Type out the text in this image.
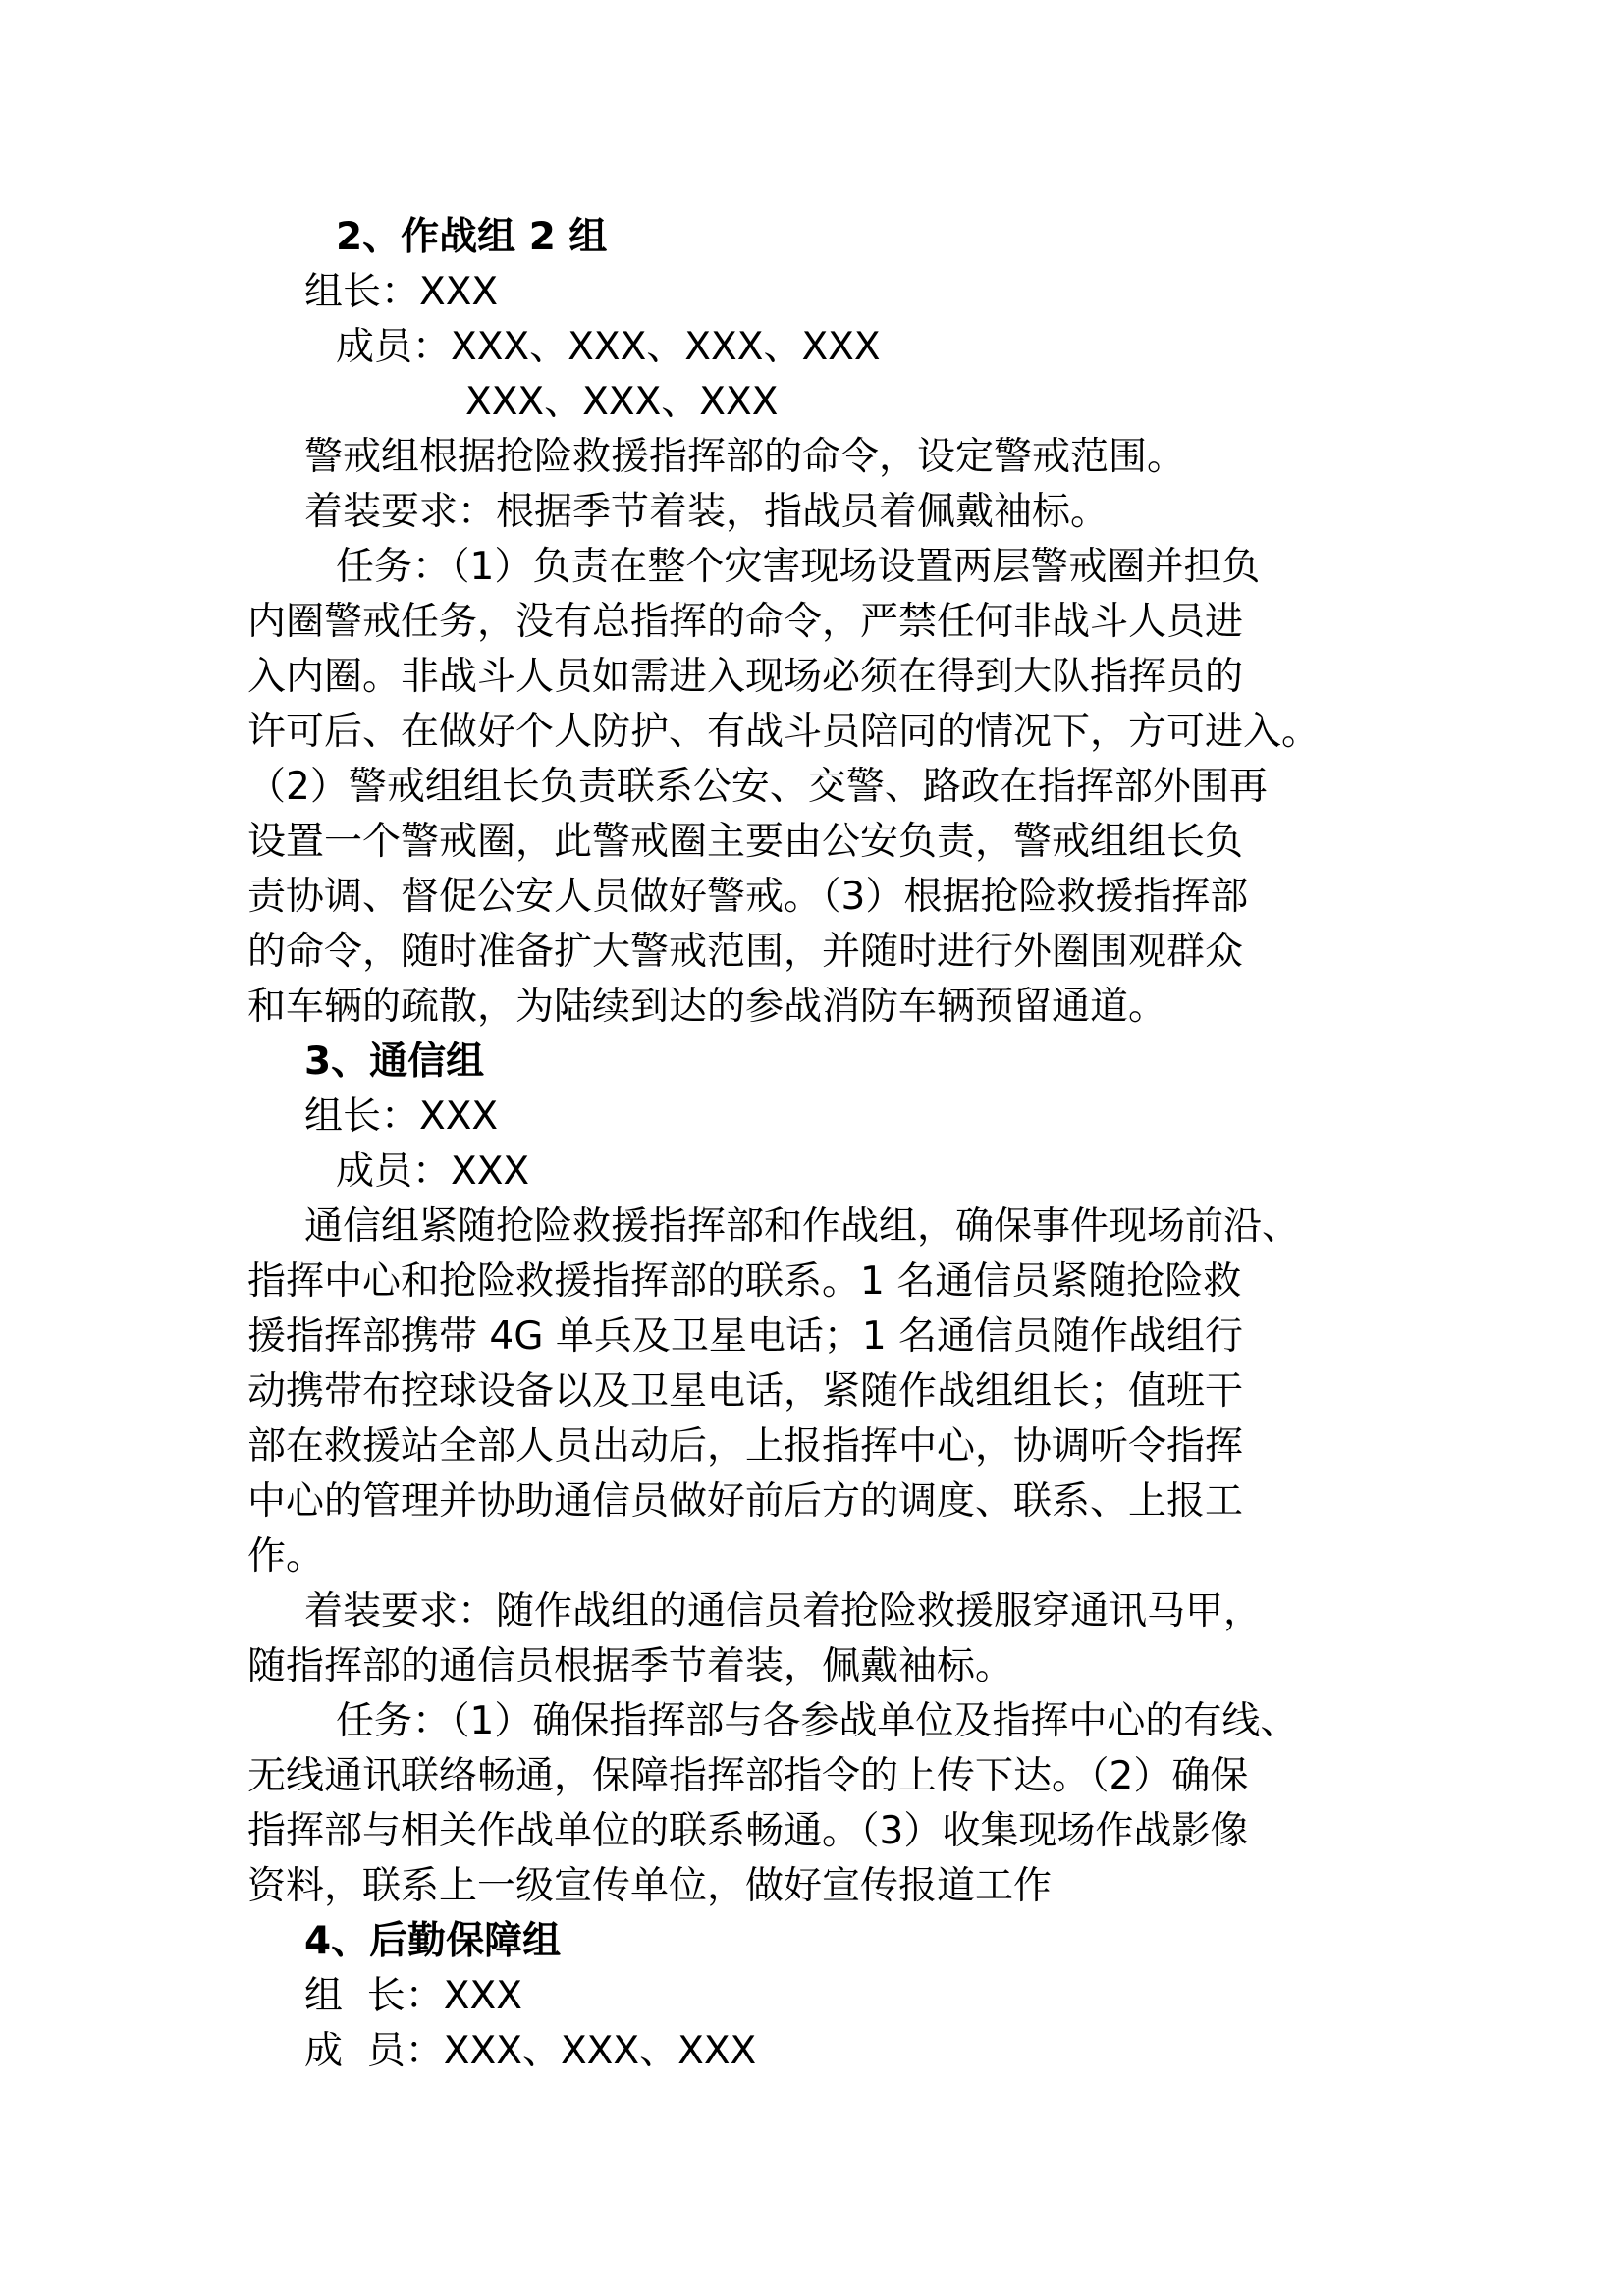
2、作战组 2 组
组长：XXX
成员：XXX、XXX、XXX、XXX
XXX、XXX、XXX
警戒组根据抢险救援指挥部的命令，设定警戒范围。
着装要求：根据季节着装，指战员着佩戴袖标。
任务：（1）负责在整个灾害现场设置两层警戒圈并担负
内圈警戒任务，没有总指挥的命令，严禁任何非战斗人员进
入内圈。非战斗人员如需进入现场必须在得到大队指挥员的
许可后、在做好个人防护、有战斗员陪同的情况下，方可进入。
（2）警戒组组长负责联系公安、交警、路政在指挥部外围再
设置一个警戒圈，此警戒圈主要由公安负责，警戒组组长负
责协调、督促公安人员做好警戒。（3）根据抢险救援指挥部
的命令，随时准备扩大警戒范围，并随时进行外圈围观群众
和车辆的疏散，为陆续到达的参战消防车辆预留通道。
3、通信组
组长：XXX
成员：XXX
通信组紧随抢险救援指挥部和作战组，确保事件现场前沿、
指挥中心和抢险救援指挥部的联系。1 名通信员紧随抢险救
援指挥部携带 4G 单兵及卫星电话；1 名通信员随作战组行
动携带布控球设备以及卫星电话，紧随作战组组长；值班干
部在救援站全部人员出动后，上报指挥中心，协调听令指挥
中心的管理并协助通信员做好前后方的调度、联系、上报工
作。
着装要求：随作战组的通信员着抢险救援服穿通讯马甲，
随指挥部的通信员根据季节着装，佩戴袖标。
任务：（1）确保指挥部与各参战单位及指挥中心的有线、
无线通讯联络畅通，保障指挥部指令的上传下达。（2）确保
指挥部与相关作战单位的联系畅通。（3）收集现场作战影像
资料，联系上一级宣传单位，做好宣传报道工作
4、后勤保障组
组  长：XXX
成  员：XXX、XXX、XXX
